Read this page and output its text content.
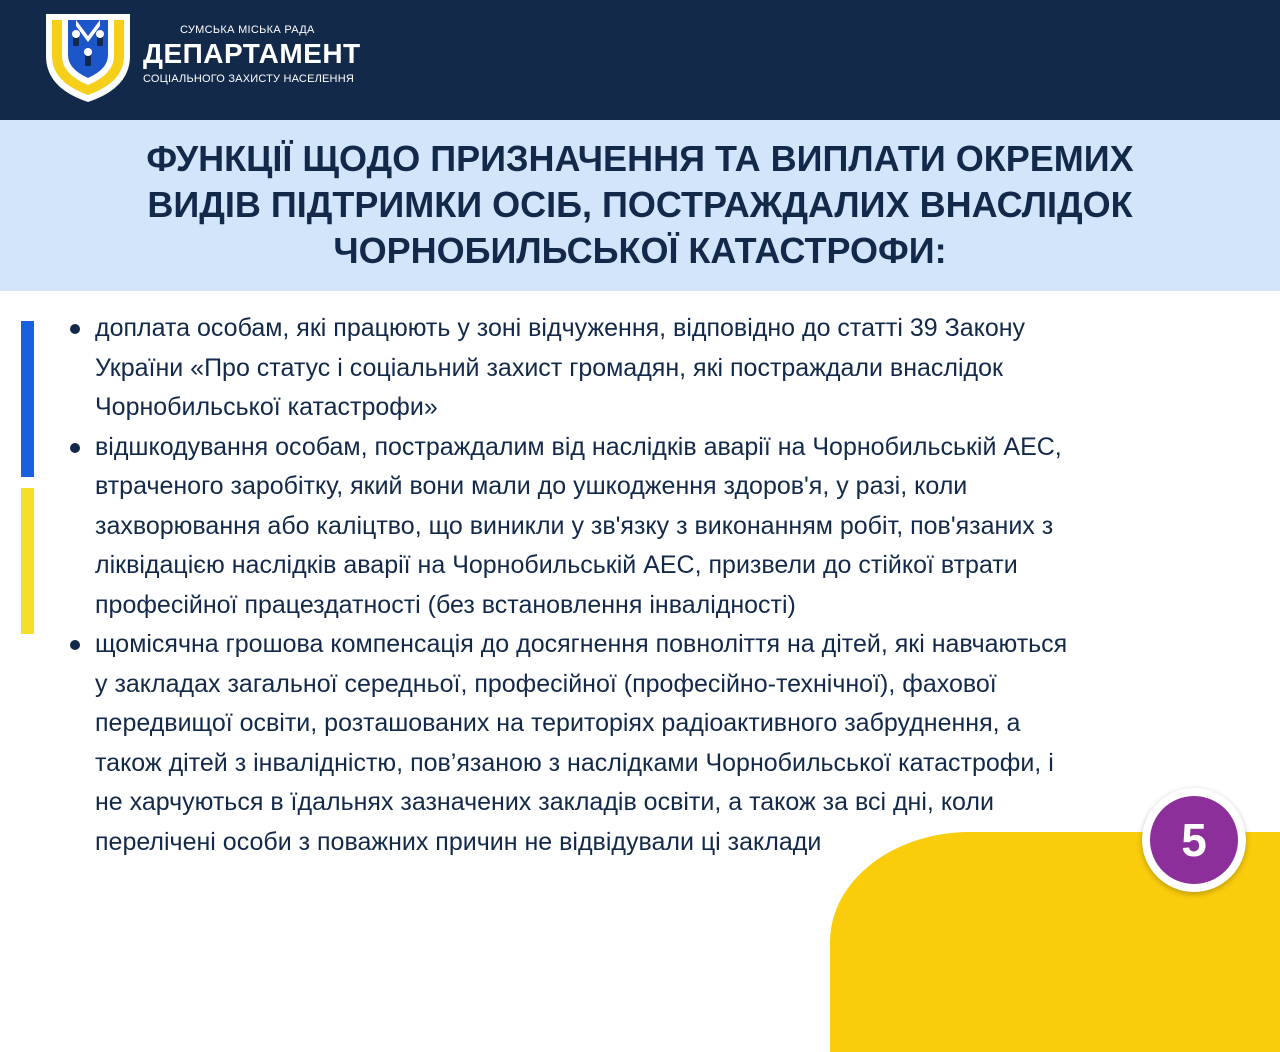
СУМСЬКА МІСЬКА РАДА
ДЕПАРТАМЕНТ
СОЦІАЛЬНОГО ЗАХИСТУ НАСЕЛЕННЯ
ФУНКЦІЇ ЩОДО ПРИЗНАЧЕННЯ ТА ВИПЛАТИ ОКРЕМИХ
ВИДІВ ПІДТРИМКИ ОСІБ, ПОСТРАЖДАЛИХ ВНАСЛІДОК
ЧОРНОБИЛЬСЬКОЇ КАТАСТРОФИ:
доплата особам, які працюють у зоні відчуження, відповідно до статті 39 Закону
України «Про статус і соціальний захист громадян, які постраждали внаслідок
Чорнобильської катастрофи»
відшкодування особам, постраждалим від наслідків аварії на Чорнобильській АЕС,
втраченого заробітку, який вони мали до ушкодження здоров'я, у разі, коли
захворювання або каліцтво, що виникли у зв'язку з виконанням робіт, пов'язаних з
ліквідацією наслідків аварії на Чорнобильській АЕС, призвели до стійкої втрати
професійної працездатності (без встановлення інвалідності)
щомісячна грошова компенсація до досягнення повноліття на дітей, які навчаються
у закладах загальної середньої, професійної (професійно-технічної), фахової
передвищої освіти, розташованих на територіях радіоактивного забруднення, а
також дітей з інвалідністю, пов’язаною з наслідками Чорнобильської катастрофи, і
не харчуються в їдальнях зазначених закладів освіти, а також за всі дні, коли
перелічені особи з поважних причин не відвідували ці заклади	5
